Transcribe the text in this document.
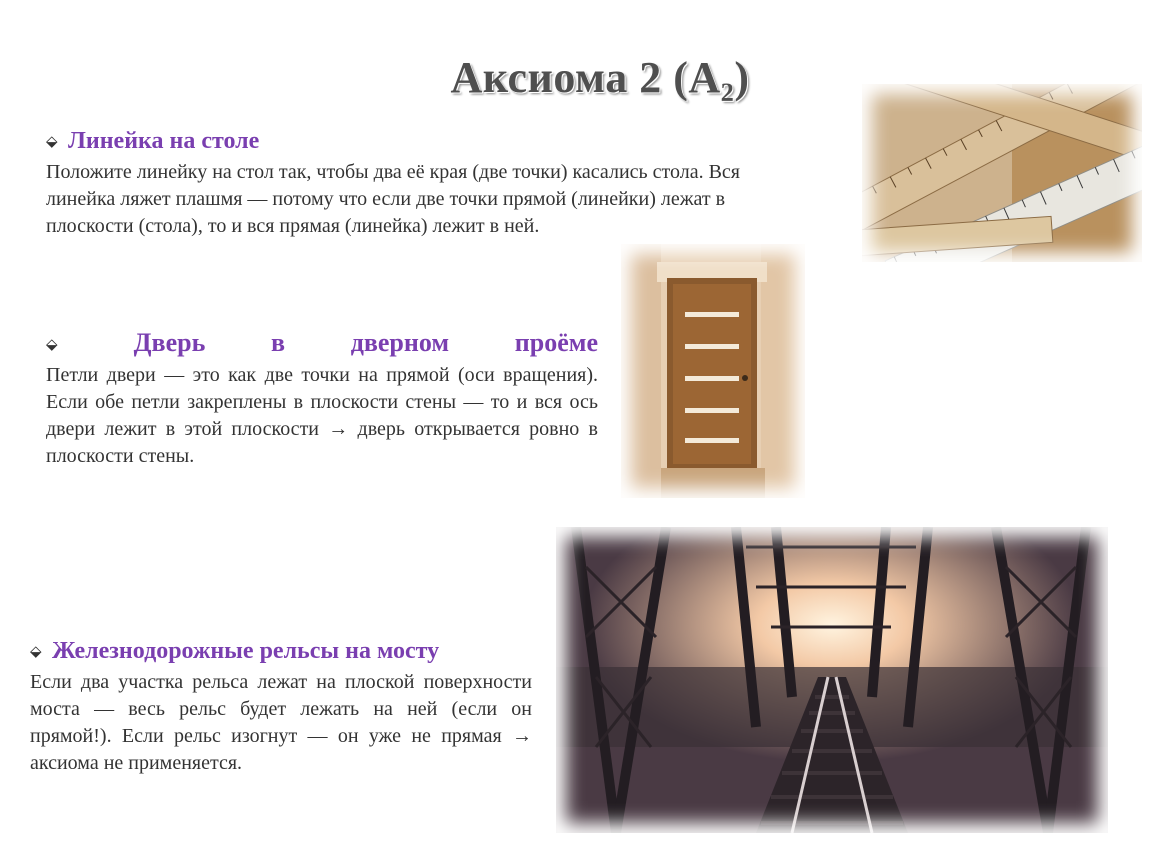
Аксиома 2 (А₂)
⬙ Линейка на столе
Положите линейку на стол так, чтобы два её края (две точки) касались стола. Вся
линейка ляжет плашмя — потому что если две точки прямой (линейки) лежат в
плоскости (стола), то и вся прямая (линейка) лежит в ней.
⬙	Дверь	в	дверном	проёме
Петли двери — это как две точки на прямой (оси вращения). Если обе петли закреплены в плоскости стены — то и вся ось двери лежит в этой плоскости → дверь открывается ровно в плоскости стены.
⬙ Железнодорожные рельсы на мосту
Если два участка рельса лежат на плоской поверхности моста — весь рельс будет лежать на ней (если он прямой!). Если рельс изогнут — он уже не прямая → аксиома не применяется.
